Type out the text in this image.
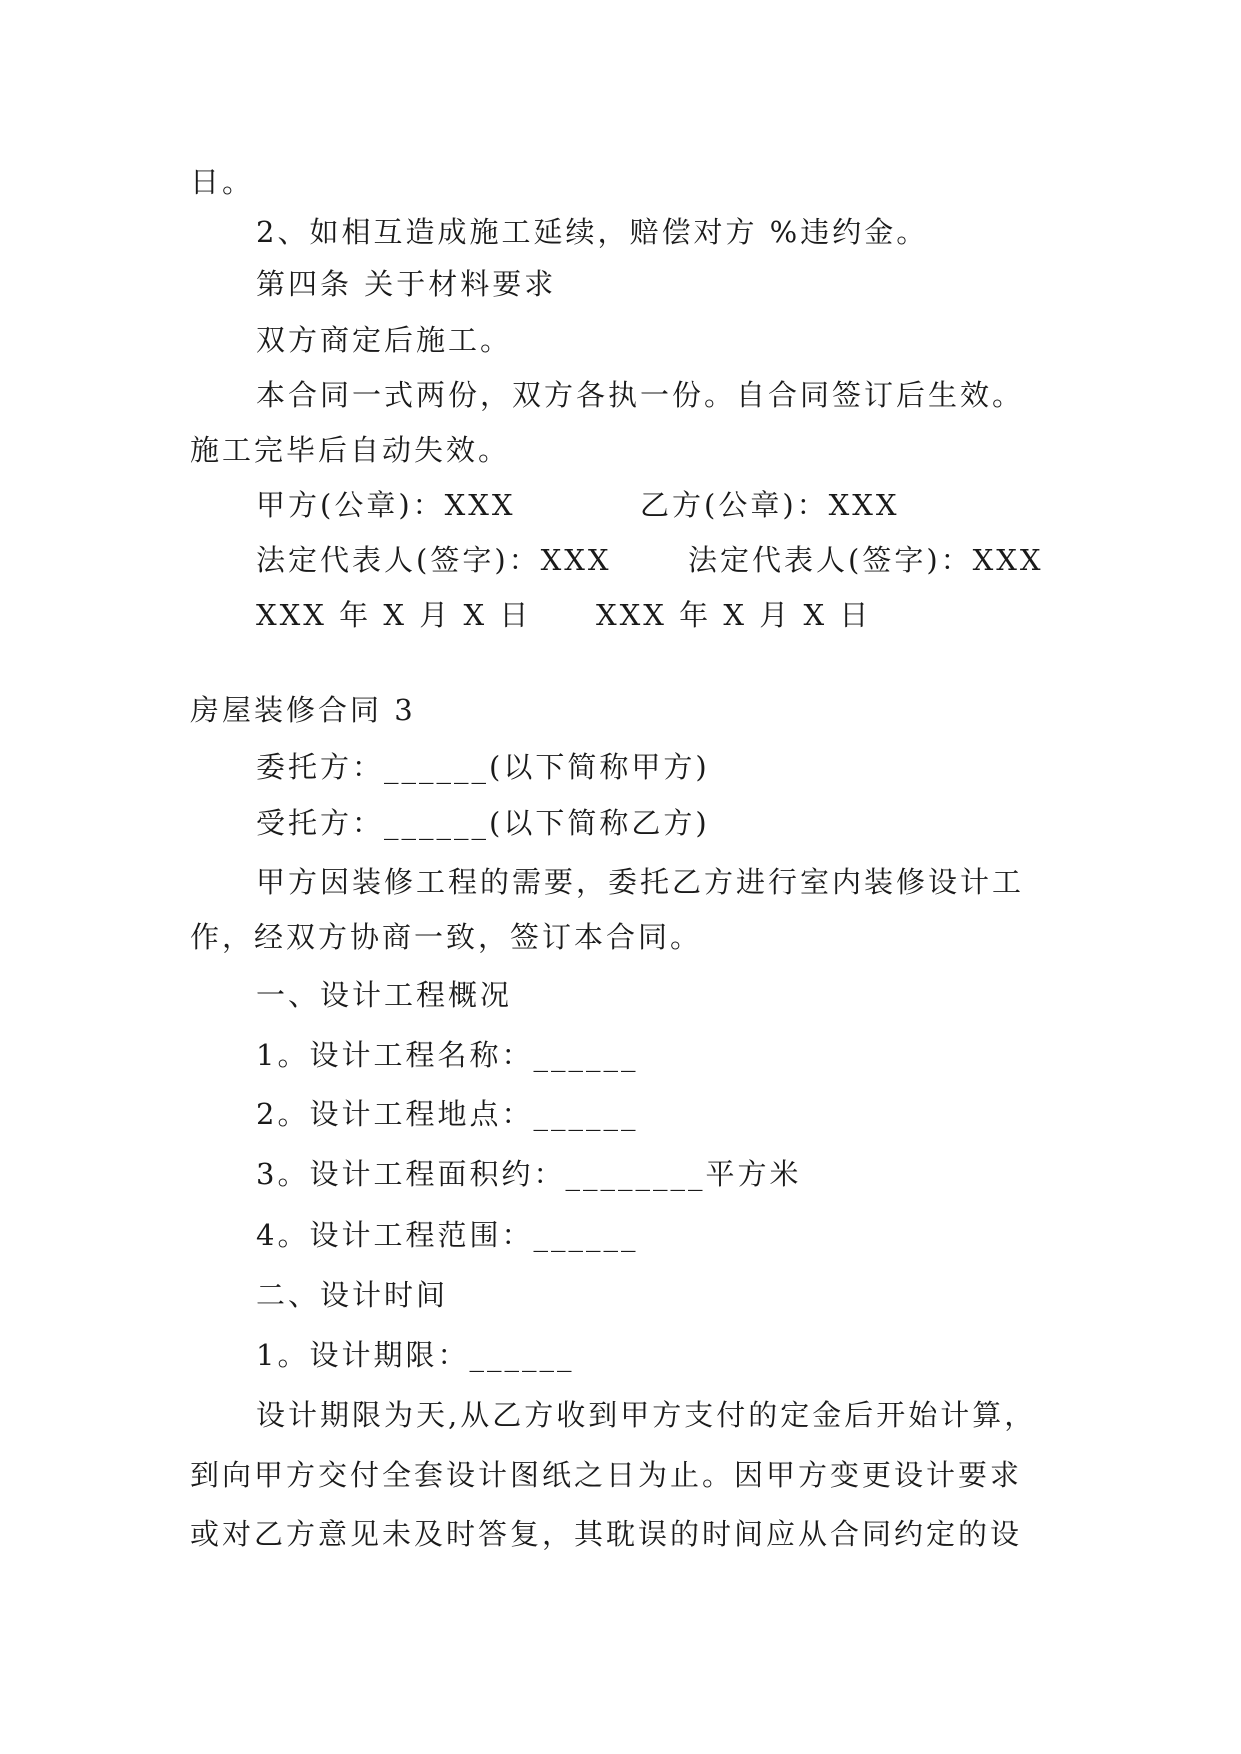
日。
2、如相互造成施工延续，赔偿对方 %违约金。
第四条 关于材料要求
双方商定后施工。
本合同一式两份，双方各执一份。自合同签订后生效。
施工完毕后自动失效。
甲方(公章)：XXX	乙方(公章)：XXX
法定代表人(签字)：XXX	法定代表人(签字)：XXX
XXX 年 X 月 X 日 XXX 年 X 月 X 日
房屋装修合同 3
委托方：______(以下简称甲方)
受托方：______(以下简称乙方)
甲方因装修工程的需要，委托乙方进行室内装修设计工
作，经双方协商一致，签订本合同。
一、设计工程概况
1。设计工程名称：______
2。设计工程地点：______
3。设计工程面积约：________平方米
4。设计工程范围：______
二、设计时间
1。设计期限：______
设计期限为天,从乙方收到甲方支付的定金后开始计算，
到向甲方交付全套设计图纸之日为止。因甲方变更设计要求
或对乙方意见未及时答复，其耽误的时间应从合同约定的设
